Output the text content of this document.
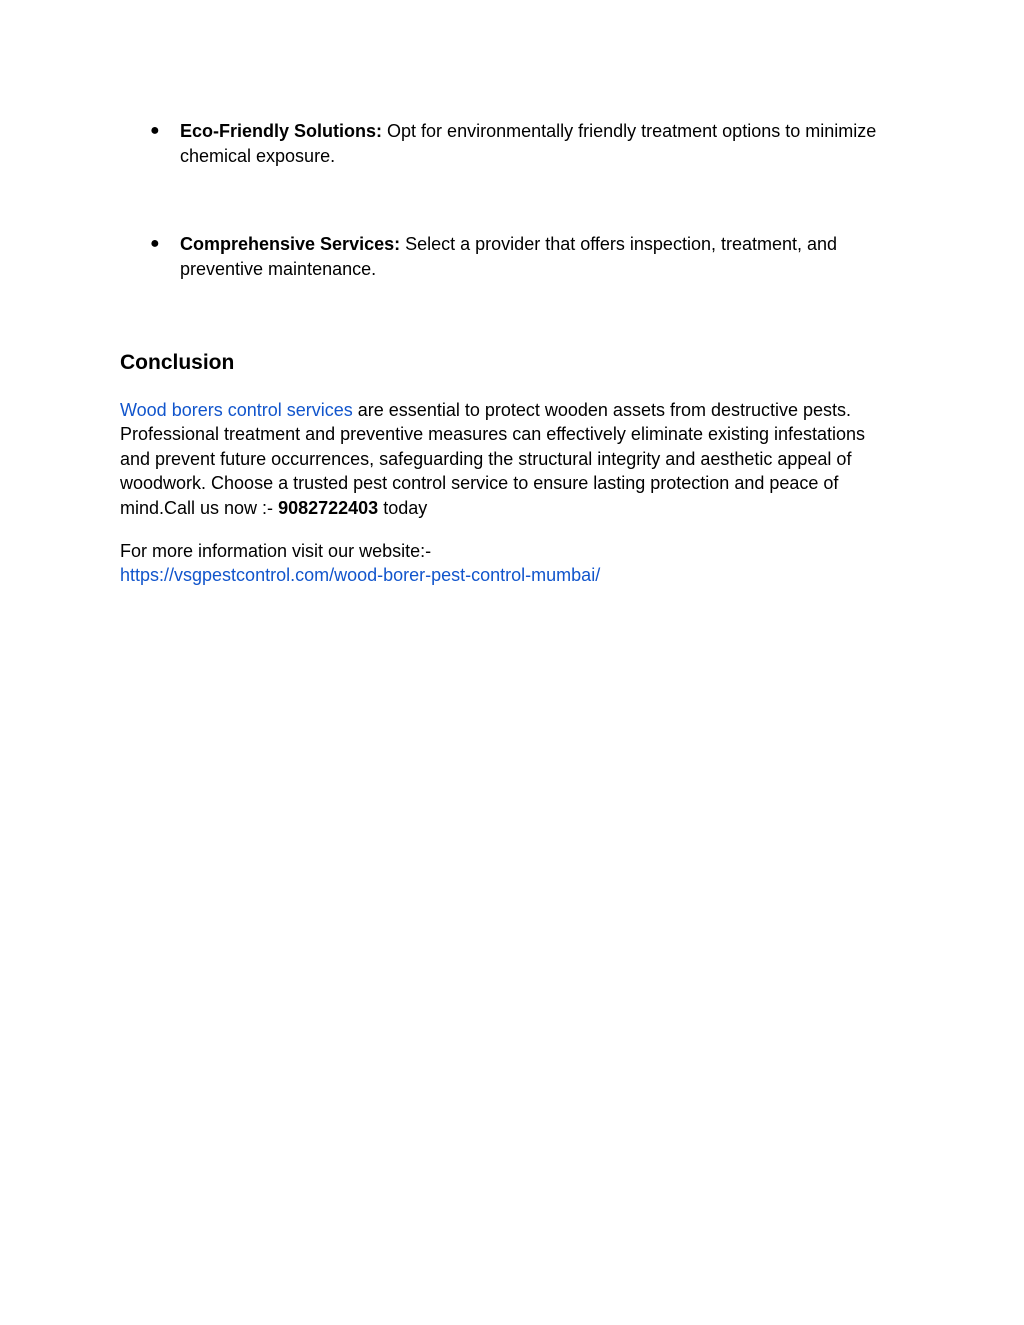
● Eco-Friendly Solutions: Opt for environmentally friendly treatment options to minimize chemical exposure.
● Comprehensive Services: Select a provider that offers inspection, treatment, and preventive maintenance.
Conclusion

Wood borers control services are essential to protect wooden assets from destructive pests. Professional treatment and preventive measures can effectively eliminate existing infestations and prevent future occurrences, safeguarding the structural integrity and aesthetic appeal of woodwork. Choose a trusted pest control service to ensure lasting protection and peace of mind.Call us now :- 9082722403 today

For more information visit our website:-
https://vsgpestcontrol.com/wood-borer-pest-control-mumbai/
